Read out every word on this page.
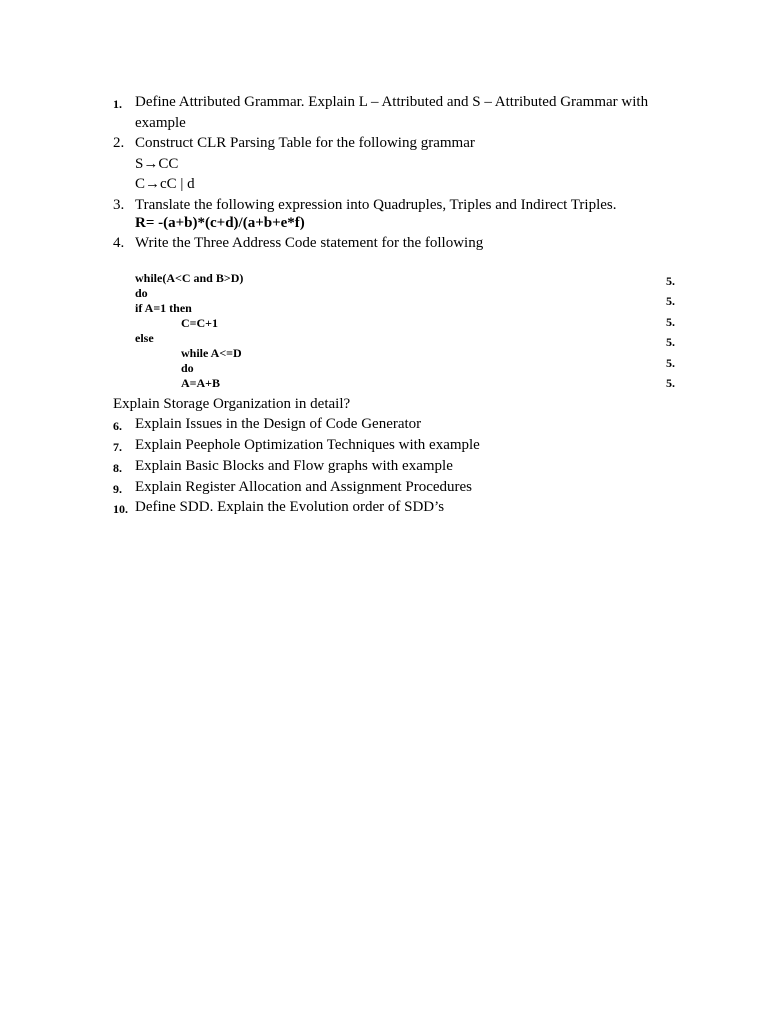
1. Define Attributed Grammar. Explain L – Attributed and S – Attributed Grammar with
example
2. Construct CLR Parsing Table for the following grammar
S→CC
C→cC | d
3. Translate the following expression into Quadruples, Triples and Indirect Triples.
R= -(a+b)*(c+d)/(a+b+e*f)
4. Write the Three Address Code statement for the following
while(A<C and B>D)
do
if A=1 then
C=C+1
else
while A<=D
do
A=A+B
5.
5.
5.
5.
5.
5.
Explain Storage Organization in detail?
6. Explain Issues in the Design of Code Generator
7. Explain Peephole Optimization Techniques with example
8. Explain Basic Blocks and Flow graphs with example
9. Explain Register Allocation and Assignment Procedures
10. Define SDD. Explain the Evolution order of SDD’s
